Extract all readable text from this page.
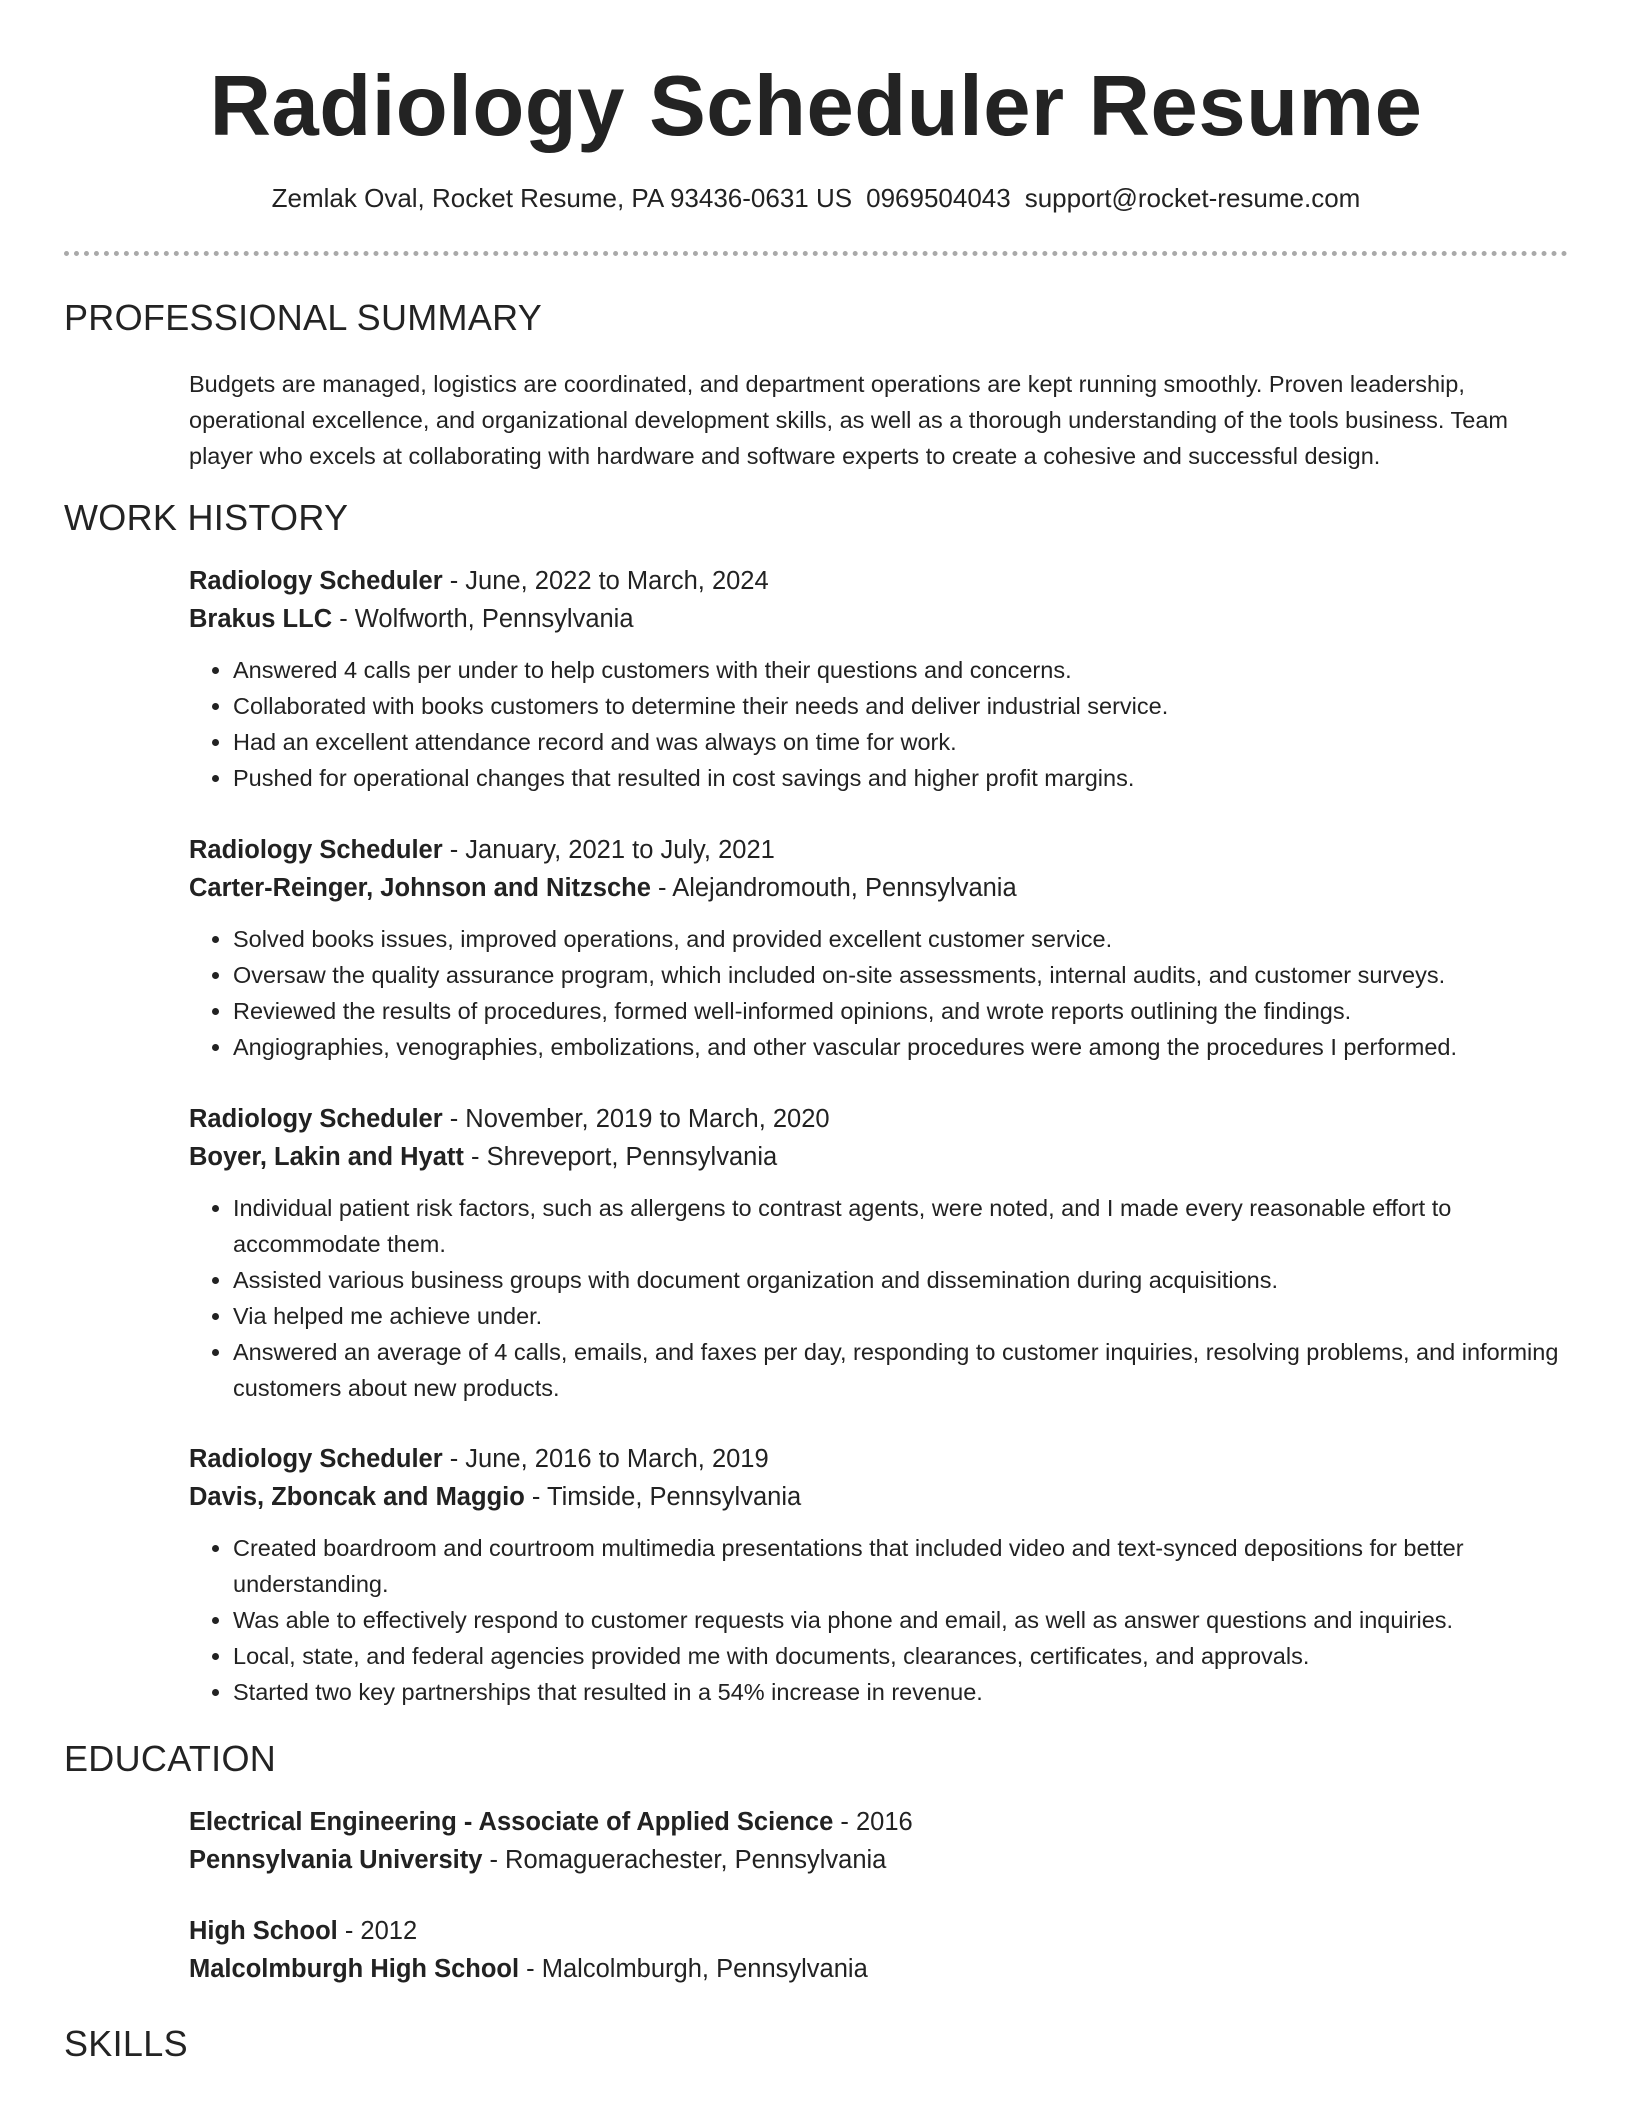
Radiology Scheduler Resume
Zemlak Oval, Rocket Resume, PA 93436-0631 US 0969504043 support@rocket-resume.com
PROFESSIONAL SUMMARY

Budgets are managed, logistics are coordinated, and department operations are kept running smoothly. Proven leadership, operational excellence, and organizational development skills, as well as a thorough understanding of the tools business. Team player who excels at collaborating with hardware and software experts to create a cohesive and successful design.

WORK HISTORY
Radiology Scheduler - June, 2022 to March, 2024
Brakus LLC - Wolfworth, Pennsylvania
• Answered 4 calls per under to help customers with their questions and concerns.
• Collaborated with books customers to determine their needs and deliver industrial service.
• Had an excellent attendance record and was always on time for work.
• Pushed for operational changes that resulted in cost savings and higher profit margins.
Radiology Scheduler - January, 2021 to July, 2021
Carter-Reinger, Johnson and Nitzsche - Alejandromouth, Pennsylvania
• Solved books issues, improved operations, and provided excellent customer service.
• Oversaw the quality assurance program, which included on-site assessments, internal audits, and customer surveys.
• Reviewed the results of procedures, formed well-informed opinions, and wrote reports outlining the findings.
• Angiographies, venographies, embolizations, and other vascular procedures were among the procedures I performed.
Radiology Scheduler - November, 2019 to March, 2020
Boyer, Lakin and Hyatt - Shreveport, Pennsylvania
• Individual patient risk factors, such as allergens to contrast agents, were noted, and I made every reasonable effort to accommodate them.
• Assisted various business groups with document organization and dissemination during acquisitions.
• Via helped me achieve under.
• Answered an average of 4 calls, emails, and faxes per day, responding to customer inquiries, resolving problems, and informing customers about new products.
Radiology Scheduler - June, 2016 to March, 2019
Davis, Zboncak and Maggio - Timside, Pennsylvania
• Created boardroom and courtroom multimedia presentations that included video and text-synced depositions for better understanding.
• Was able to effectively respond to customer requests via phone and email, as well as answer questions and inquiries.
• Local, state, and federal agencies provided me with documents, clearances, certificates, and approvals.
• Started two key partnerships that resulted in a 54% increase in revenue.
EDUCATION
Electrical Engineering - Associate of Applied Science - 2016
Pennsylvania University - Romaguerachester, Pennsylvania
High School - 2012
Malcolmburgh High School - Malcolmburgh, Pennsylvania
SKILLS
